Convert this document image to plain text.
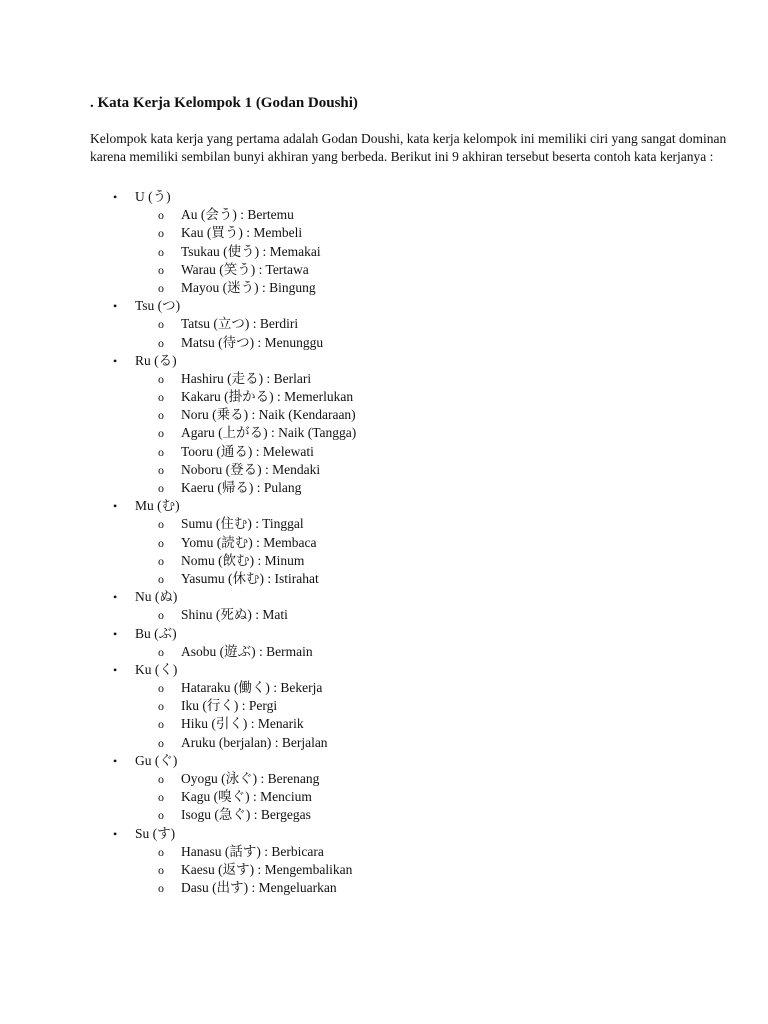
. Kata Kerja Kelompok 1 (Godan Doushi)

Kelompok kata kerja yang pertama adalah Godan Doushi, kata kerja kelompok ini memiliki ciri yang sangat dominan karena memiliki sembilan bunyi akhiran yang berbeda. Berikut ini 9 akhiran tersebut beserta contoh kata kerjanya :

• U (う)
o Au (会う) : Bertemu
o Kau (買う) : Membeli
o Tsukau (使う) : Memakai
o Warau (笑う) : Tertawa
o Mayou (迷う) : Bingung
• Tsu (つ)
o Tatsu (立つ) : Berdiri
o Matsu (待つ) : Menunggu
• Ru (る)
o Hashiru (走る) : Berlari
o Kakaru (掛かる) : Memerlukan
o Noru (乗る) : Naik (Kendaraan)
o Agaru (上がる) : Naik (Tangga)
o Tooru (通る) : Melewati
o Noboru (登る) : Mendaki
o Kaeru (帰る) : Pulang
• Mu (む)
o Sumu (住む) : Tinggal
o Yomu (読む) : Membaca
o Nomu (飲む) : Minum
o Yasumu (休む) : Istirahat
• Nu (ぬ)
o Shinu (死ぬ) : Mati
• Bu (ぶ)
o Asobu (遊ぶ) : Bermain
• Ku (く)
o Hataraku (働く) : Bekerja
o Iku (行く) : Pergi
o Hiku (引く) : Menarik
o Aruku (berjalan) : Berjalan
• Gu (ぐ)
o Oyogu (泳ぐ) : Berenang
o Kagu (嗅ぐ) : Mencium
o Isogu (急ぐ) : Bergegas
• Su (す)
o Hanasu (話す) : Berbicara
o Kaesu (返す) : Mengembalikan
o Dasu (出す) : Mengeluarkan
